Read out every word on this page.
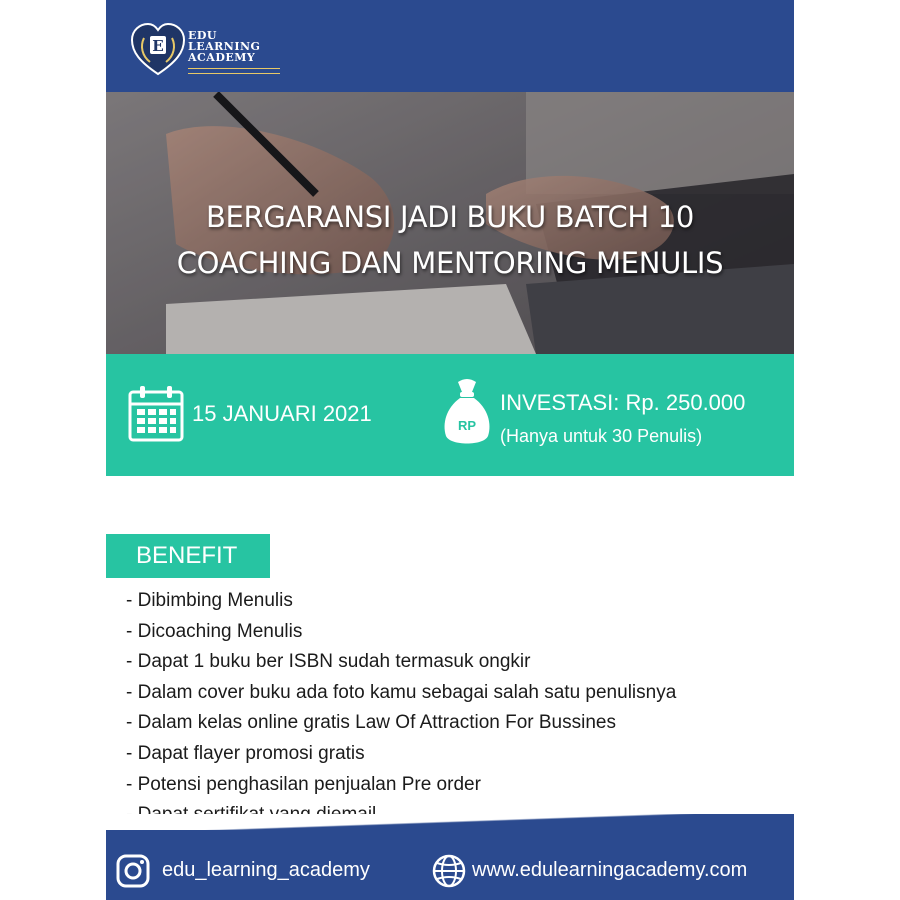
BERGARANSI JADI BUKU BATCH 10
COACHING DAN MENTORING MENULIS
E
EDU
LEARNING
ACADEMY
15 JANUARI 2021	RP
INVESTASI: Rp. 250.000
(Hanya untuk 30 Penulis)
BENEFIT
- Dibimbing Menulis
- Dicoaching Menulis
- Dapat 1 buku ber ISBN sudah termasuk ongkir
- Dalam cover buku ada foto kamu sebagai salah satu penulisnya
- Dalam kelas online gratis Law Of Attraction For Bussines
- Dapat flayer promosi gratis
- Potensi penghasilan penjualan Pre order
edu_learning_academy	www.edulearningacademy.com
